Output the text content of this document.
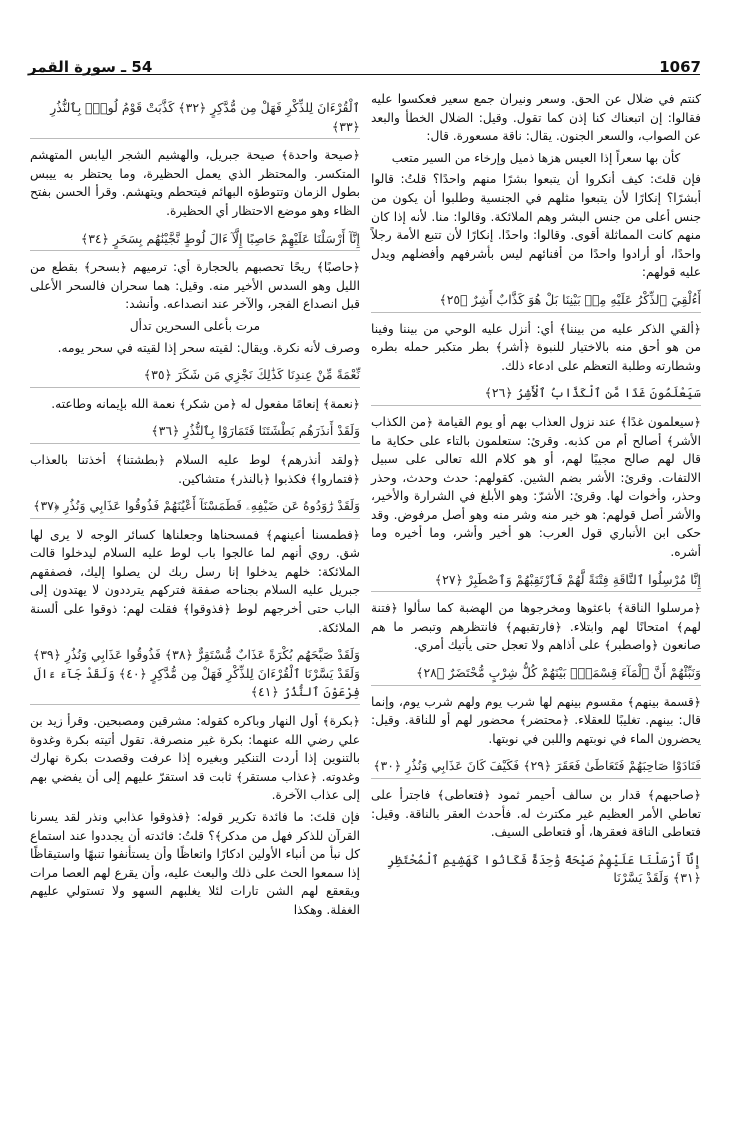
54 ـ سورة القمر	1067

كنتم في ضلال عن الحق. وسعر ونيران جمع سعير فعكسوا عليه فقالوا: إن اتبعناك كنا إذن كما تقول. وقيل: الضلال الخطأ والبعد عن الصواب، والسعر الجنون. يقال: ناقة مسعورة. قال:

كأن بها سعراً إذا العيس هزها ذميل وإرخاء من السير متعب

فإن قلتَ: كيف أنكروا أن يتبعوا بشرًا منهم واحدًا؟ قلتُ: قالوا أبشرًا؟ إنكارًا لأن يتبعوا مثلهم في الجنسية وطلبوا أن يكون من جنس أعلى من جنس البشر وهم الملائكة. وقالوا: منا. لأنه إذا كان منهم كانت المماثلة أقوى. وقالوا: واحدًا. إنكارًا لأن تتبع الأمة رجلاً واحدًا، أو أرادوا واحدًا من أفنائهم ليس بأشرفهم وأفضلهم ويدل عليه قولهم:

أَءُلْقِيَ ٱلذِّكْرُ عَلَيْهِ مِنۢ بَيْنِنَا بَلْ هُوَ كَذَّابٌ أَشِرٌ ﴿٢٥﴾

﴿ألقي الذكر عليه من بيننا﴾ أي: أنزل عليه الوحي من بيننا وفينا من هو أحق منه بالاختيار للنبوة ﴿أشر﴾ بطر متكبر حمله بطره وشطارته وطلبة التعظم على ادعاء ذلك.

سَيَعْلَمُونَ غَدًا مَّنِ ٱلْكَذَّابُ ٱلْأَشِرُ ﴿٢٦﴾

﴿سيعلمون غدًا﴾ عند نزول العذاب بهم أو يوم القيامة ﴿من الكذاب الأشر﴾ أصالح أم من كذبه. وقرئ: ستعلمون بالتاء على حكاية ما قال لهم صالح مجيبًا لهم، أو هو كلام الله تعالى على سبيل الالتفات. وقرئ: الأشر بضم الشين. كقولهم: حدث وحدث، وحذر وحذر، وأخوات لها. وقرئ: الأشرّ: وهو الأبلغ في الشرارة والأخير، والأشر أصل قولهم: هو خير منه وشر منه وهو أصل مرفوض. وقد حكى ابن الأنباري قول العرب: هو أخير وأشر، وما أخيره وما أشره.

إِنَّا مُرْسِلُوا ٱلنَّاقَةِ فِتْنَةً لَّهُمْ فَٱرْتَقِبْهُمْ وَٱصْطَبِرْ ﴿٢٧﴾

﴿مرسلوا الناقة﴾ باعثوها ومخرجوها من الهضبة كما سألوا ﴿فتنة لهم﴾ امتحانًا لهم وابتلاء. ﴿فارتقبهم﴾ فانتظرهم وتبصر ما هم صانعون ﴿واصطبر﴾ على أذاهم ولا تعجل حتى يأتيك أمري.

وَنَبِّئْهُمْ أَنَّ ٱلْمَآءَ قِسْمَةٌۢ بَيْنَهُمْ كُلُّ شِرْبٍ مُّحْتَضَرٌ ﴿٢٨﴾

﴿قسمة بينهم﴾ مقسوم بينهم لها شرب يوم ولهم شرب يوم، وإنما قال: بينهم. تغليبًا للعقلاء. ﴿محتضر﴾ محضور لهم أو للناقة. وقيل: يحضرون الماء في نوبتهم واللبن في نوبتها.

فَنَادَوْا صَاحِبَهُمْ فَتَعَاطَىٰ فَعَقَرَ ﴿٢٩﴾ فَكَيْفَ كَانَ عَذَابِي وَنُذُرِ ﴿٣٠﴾

﴿صاحبهم﴾ قدار بن سالف أحيمر ثمود ﴿فتعاطى﴾ فاجترأ على تعاطي الأمر العظيم غير مكترث له. فأحدث العقر بالناقة. وقيل: فتعاطى الناقة فعقرها، أو فتعاطى السيف.

إِنَّآ أَرْسَلْنَا عَلَيْهِمْ صَيْحَةً وَٰحِدَةً فَكَانُوا كَهَشِيمِ ٱلْمُحْتَظِرِ ﴿٣١﴾ وَلَقَدْ يَسَّرْنَا

ٱلْقُرْءَانَ لِلذِّكْرِ فَهَلْ مِن مُّدَّكِرٍ ﴿٣٢﴾ كَذَّبَتْ قَوْمُ لُوطٍۭ بِٱلنُّذُرِ ﴿٣٣﴾

﴿صيحة واحدة﴾ صيحة جبريل، والهشيم الشجر اليابس المتهشم المتكسر. والمحتظر الذي يعمل الحظيرة، وما يحتظر به ييبس بطول الزمان وتتوطؤه البهائم فيتحطم ويتهشم. وقرأ الحسن بفتح الظاء وهو موضع الاحتظار أي الحظيرة.

إِنَّآ أَرْسَلْنَا عَلَيْهِمْ حَاصِبًا إِلَّآ ءَالَ لُوطٍ نَّجَّيْنَٰهُم بِسَحَرٍ ﴿٣٤﴾

﴿حاصبًا﴾ ريحًا تحصبهم بالحجارة أي: ترميهم ﴿بسحر﴾ بقطع من الليل وهو السدس الأخير منه. وقيل: هما سحران فالسحر الأعلى قبل انصداع الفجر، والآخر عند انصداعه. وأنشد:

مرت بأعلى السحرين تدأل

وصرف لأنه نكرة. ويقال: لقيته سحر إذا لقيته في سحر يومه.

نِّعْمَةً مِّنْ عِندِنَا كَذَٰلِكَ نَجْزِي مَن شَكَرَ ﴿٣٥﴾

﴿نعمة﴾ إنعامًا مفعول له ﴿من شكر﴾ نعمة الله بإيمانه وطاعته.

وَلَقَدْ أَنذَرَهُم بَطْشَتَنَا فَتَمَارَوْا بِٱلنُّذُرِ ﴿٣٦﴾

﴿ولقد أنذرهم﴾ لوط عليه السلام ﴿بطشتنا﴾ أخذتنا بالعذاب ﴿فتماروا﴾ فكذبوا ﴿بالنذر﴾ متشاكين.

وَلَقَدْ رَٰوَدُوهُ عَن ضَيْفِهِۦ فَطَمَسْنَآ أَعْيُنَهُمْ فَذُوقُوا عَذَابِي وَنُذُرِ ﴿٣٧﴾

﴿فطمسنا أعينهم﴾ فمسحناها وجعلناها كسائر الوجه لا يرى لها شق. روي أنهم لما عالجوا باب لوط عليه السلام ليدخلوا قالت الملائكة: خلهم يدخلوا إنا رسل ربك لن يصلوا إليك، فصفقهم جبريل عليه السلام بجناحه صفقة فتركهم يترددون لا يهتدون إلى الباب حتى أخرجهم لوط ﴿فذوقوا﴾ فقلت لهم: ذوقوا على ألسنة الملائكة.

وَلَقَدْ صَبَّحَهُم بُكْرَةً عَذَابٌ مُّسْتَقِرٌّ ﴿٣٨﴾ فَذُوقُوا عَذَابِي وَنُذُرِ ﴿٣٩﴾ وَلَقَدْ يَسَّرْنَا ٱلْقُرْءَانَ لِلذِّكْرِ فَهَلْ مِن مُّدَّكِرٍ ﴿٤٠﴾ وَلَقَدْ جَآءَ ءَالَ فِرْعَوْنَ ٱلنُّذُرُ ﴿٤١﴾

﴿بكرة﴾ أول النهار وباكره كقوله: مشرقين ومصبحين. وقرأ زيد بن علي رضي الله عنهما: بكرة غير منصرفة. تقول أتيته بكرة وغدوة بالتنوين إذا أردت التنكير وبغيره إذا عرفت وقصدت بكرة نهارك وغدوته. ﴿عذاب مستقر﴾ ثابت قد استقرّ عليهم إلى أن يفضي بهم إلى عذاب الآخرة.

فإن قلتَ: ما فائدة تكرير قوله: ﴿فذوقوا عذابي ونذر لقد يسرنا القرآن للذكر فهل من مدكر﴾؟ قلتُ: فائدته أن يجددوا عند استماع كل نبأ من أنباء الأولين ادكارًا واتعاظًا وأن يستأنفوا تنبهًا واستيقاظًا إذا سمعوا الحث على ذلك والبعث عليه، وأن يقرع لهم العصا مرات ويقعقع لهم الشن تارات لئلا يغلبهم السهو ولا تستولي عليهم الغفلة. وهكذا
